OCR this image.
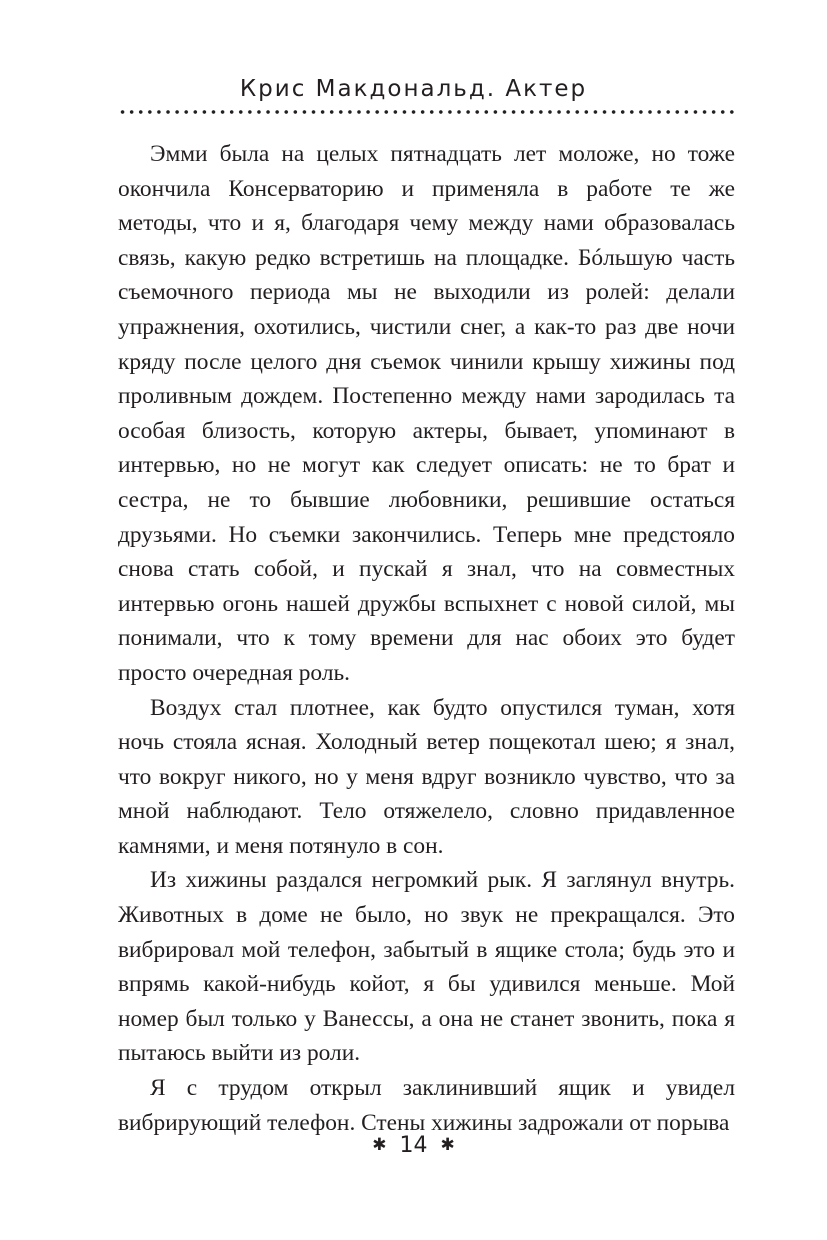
Крис Макдональд. Актер

Эмми была на целых пятнадцать лет моложе, но тоже окончила Консерваторию и применяла в работе те же методы, что и я, благодаря чему между нами образовалась связь, какую редко встретишь на площадке. Бóльшую часть съемочного периода мы не выходили из ролей: делали упражнения, охотились, чистили снег, а как-то раз две ночи кряду после целого дня съемок чинили крышу хижины под проливным дождем. Постепенно между нами зародилась та особая близость, которую актеры, бывает, упоминают в интервью, но не могут как следует описать: не то брат и сестра, не то бывшие любовники, решившие остаться друзьями. Но съемки закончились. Теперь мне предстояло снова стать собой, и пускай я знал, что на совместных интервью огонь нашей дружбы вспыхнет с новой силой, мы понимали, что к тому времени для нас обоих это будет просто очередная роль.

Воздух стал плотнее, как будто опустился туман, хотя ночь стояла ясная. Холодный ветер пощекотал шею; я знал, что вокруг никого, но у меня вдруг возникло чувство, что за мной наблюдают. Тело отяжелело, словно придавленное камнями, и меня потянуло в сон.

Из хижины раздался негромкий рык. Я заглянул внутрь. Животных в доме не было, но звук не прекращался. Это вибрировал мой телефон, забытый в ящике стола; будь это и впрямь какой-нибудь койот, я бы удивился меньше. Мой номер был только у Ванессы, а она не станет звонить, пока я пытаюсь выйти из роли.

Я с трудом открыл заклинивший ящик и увидел вибрирующий телефон. Стены хижины задрожали от порыва

✱ 14 ✱
